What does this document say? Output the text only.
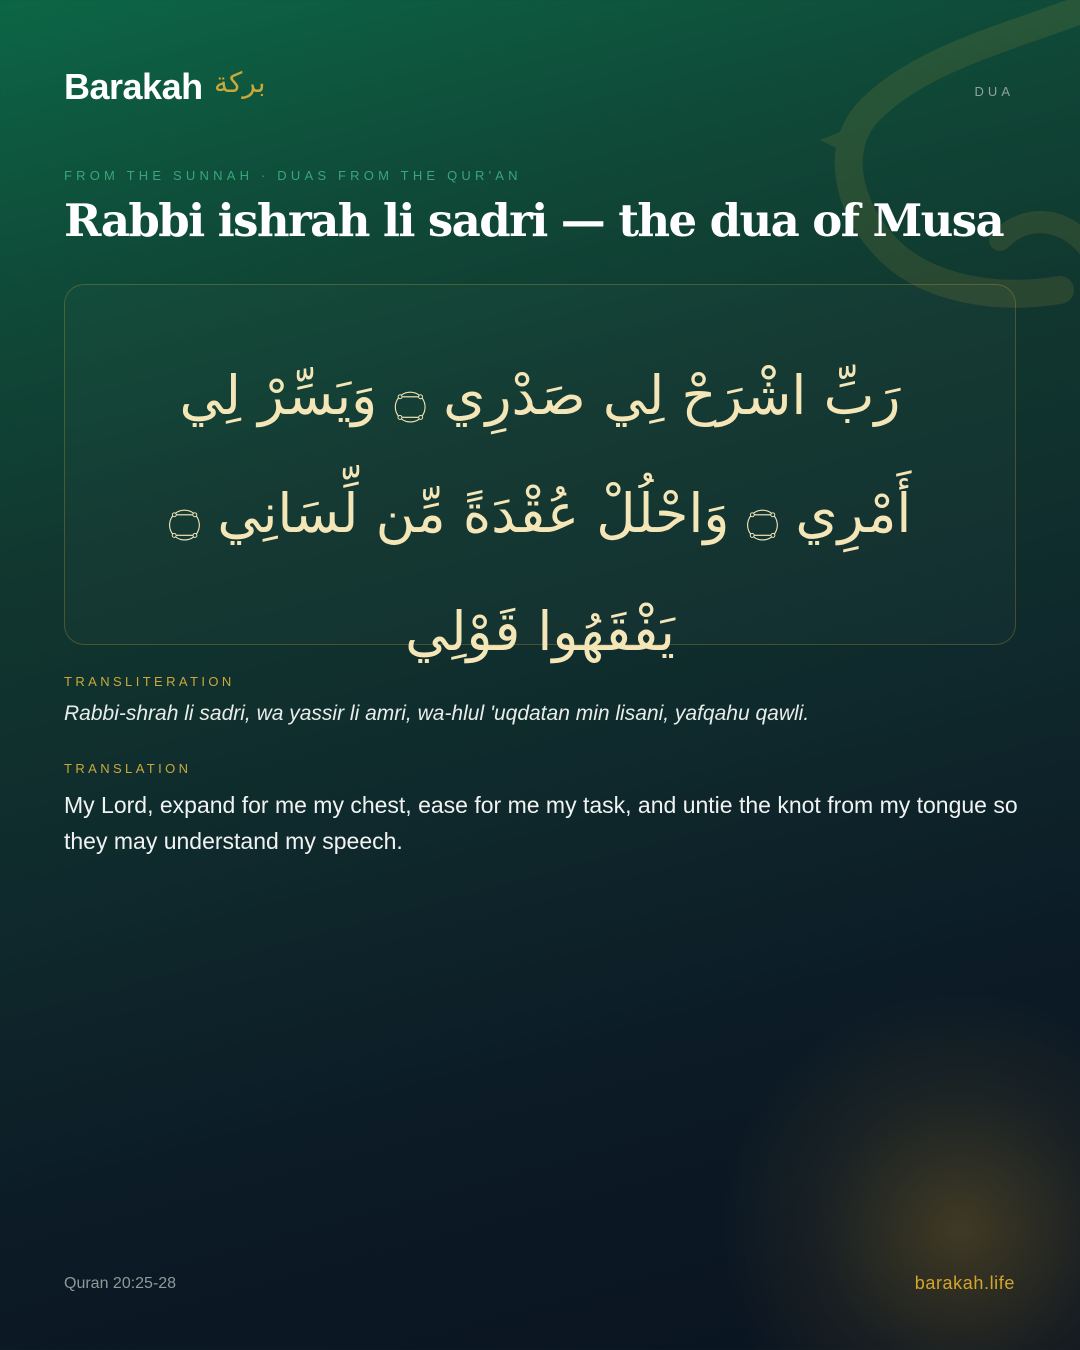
Barakah بركة	DUA
FROM THE SUNNAH · DUAS FROM THE QUR'AN
Rabbi ishrah li sadri — the dua of Musa
رَبِّ اشْرَحْ لِي صَدْرِي ۝ وَيَسِّرْ لِي أَمْرِي ۝ وَاحْلُلْ عُقْدَةً مِّن لِّسَانِي ۝ يَفْقَهُوا قَوْلِي
TRANSLITERATION
Rabbi-shrah li sadri, wa yassir li amri, wa-hlul 'uqdatan min lisani, yafqahu qawli.
TRANSLATION
My Lord, expand for me my chest, ease for me my task, and untie the knot from my tongue so they may understand my speech.
Quran 20:25-28	barakah.life
